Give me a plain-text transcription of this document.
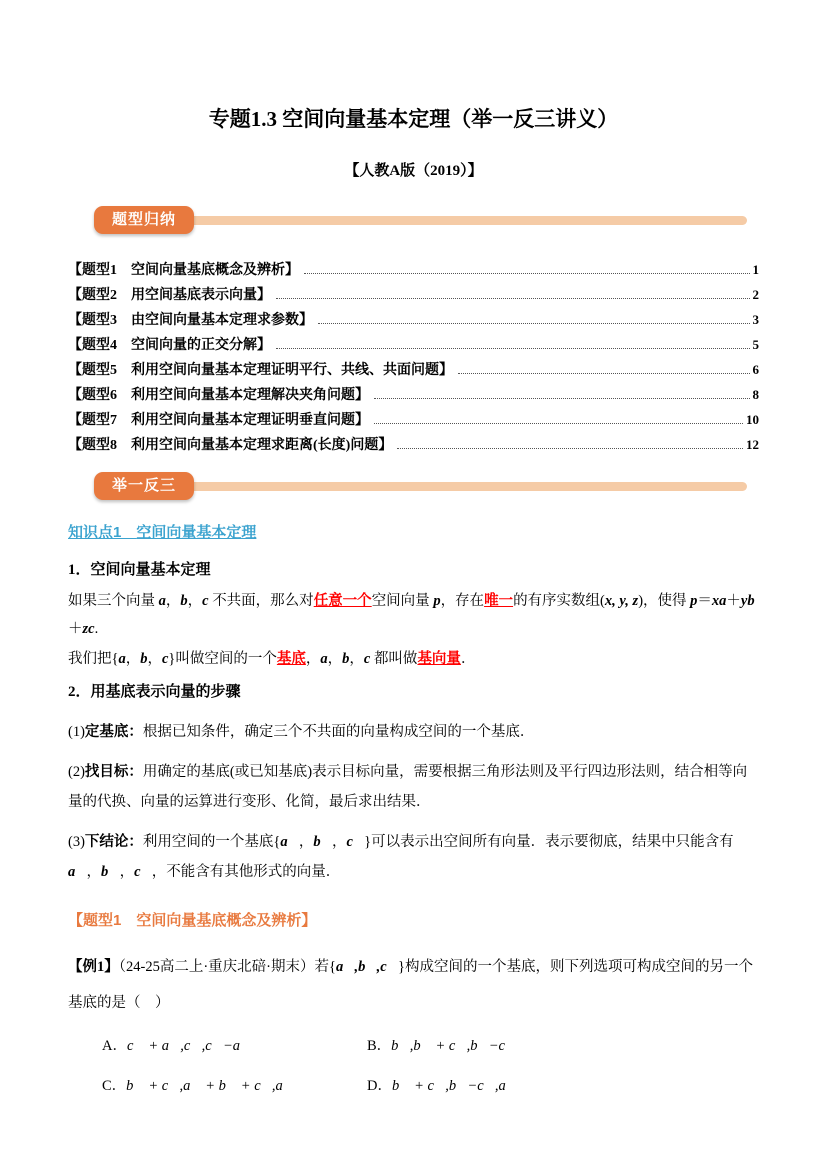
专题1.3 空间向量基本定理（举一反三讲义）
【人教A版（2019）】
题型归纳
【题型1　空间向量基底概念及辨析】	1
【题型2　用空间基底表示向量】	2
【题型3　由空间向量基本定理求参数】	3
【题型4　空间向量的正交分解】	5
【题型5　利用空间向量基本定理证明平行、共线、共面问题】	6
【题型6　利用空间向量基本定理解决夹角问题】	8
【题型7　利用空间向量基本定理证明垂直问题】	10
【题型8　利用空间向量基本定理求距离(长度)问题】	12
举一反三
知识点1　空间向量基本定理
1．空间向量基本定理

如果三个向量 a，b，c 不共面，那么对任意一个空间向量 p，存在唯一的有序实数组(x, y, z)，使得 p＝xa＋yb＋zc.

我们把{a，b，c}叫做空间的一个基底，a，b，c 都叫做基向量．

2．用基底表示向量的步骤

(1)定基底：根据已知条件，确定三个不共面的向量构成空间的一个基底．

(2)找目标：用确定的基底(或已知基底)表示目标向量，需要根据三角形法则及平行四边形法则，结合相等向量的代换、向量的运算进行变形、化简，最后求出结果．

(3)下结论：利用空间的一个基底{a⃗，b⃗，c⃗}可以表示出空间所有向量．表示要彻底，结果中只能含有 a⃗，b⃗，c⃗，不能含有其他形式的向量．

【题型1　空间向量基底概念及辨析】

【例1】（24-25高二上·重庆北碚·期末）若{a⃗,b⃗,c⃗}构成空间的一个基底，则下列选项可构成空间的另一个基底的是（　）

A．c⃗ + a⃗,c⃗,c⃗−a⃗	B．b⃗,b⃗ + c⃗,b⃗−c⃗
C．b⃗ + c⃗,a⃗ + b⃗ + c⃗,a⃗	D．b⃗ + c⃗,b⃗−c⃗,a⃗
